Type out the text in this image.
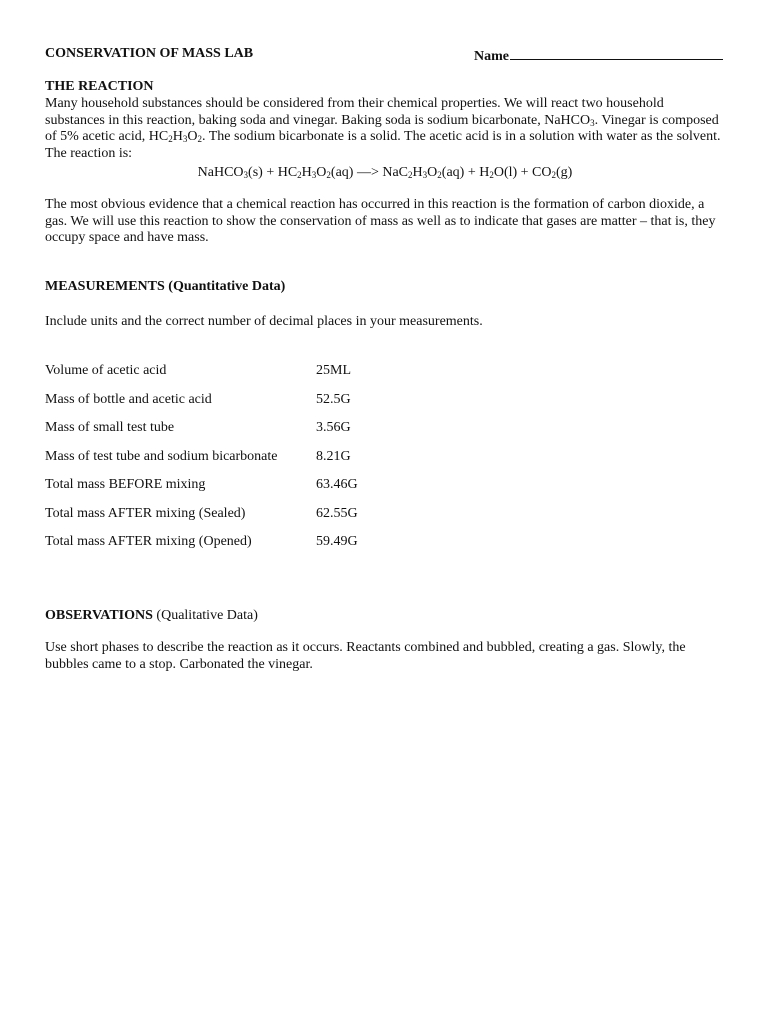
CONSERVATION OF MASS LAB	Name
THE REACTION

Many household substances should be considered from their chemical properties. We will react two household substances in this reaction, baking soda and vinegar. Baking soda is sodium bicarbonate, NaHCO$_3$. Vinegar is composed of 5% acetic acid, $HC_2H_3O_2$. The sodium bicarbonate is a solid. The acetic acid is in a solution with water as the solvent. The reaction is:

NaHCO$_3$(s) + $HC_2H_3O_2(aq)$ —> $NaC_2H_3O_2(aq) + H_2O(l) + CO_2(g)$

The most obvious evidence that a chemical reaction has occurred in this reaction is the formation of carbon dioxide, a gas. We will use this reaction to show the conservation of mass as well as to indicate that gases are matter – that is, they occupy space and have mass.

MEASUREMENTS (Quantitative Data)

Include units and the correct number of decimal places in your measurements.

Volume of acetic acid	25ML
Mass of bottle and acetic acid	52.5G
Mass of small test tube	3.56G
Mass of test tube and sodium bicarbonate	8.21G
Total mass BEFORE mixing	63.46G
Total mass AFTER mixing (Sealed)	62.55G
Total mass AFTER mixing (Opened)	59.49G
OBSERVATIONS (Qualitative Data)

Use short phases to describe the reaction as it occurs. Reactants combined and bubbled, creating a gas. Slowly, the bubbles came to a stop. Carbonated the vinegar.
